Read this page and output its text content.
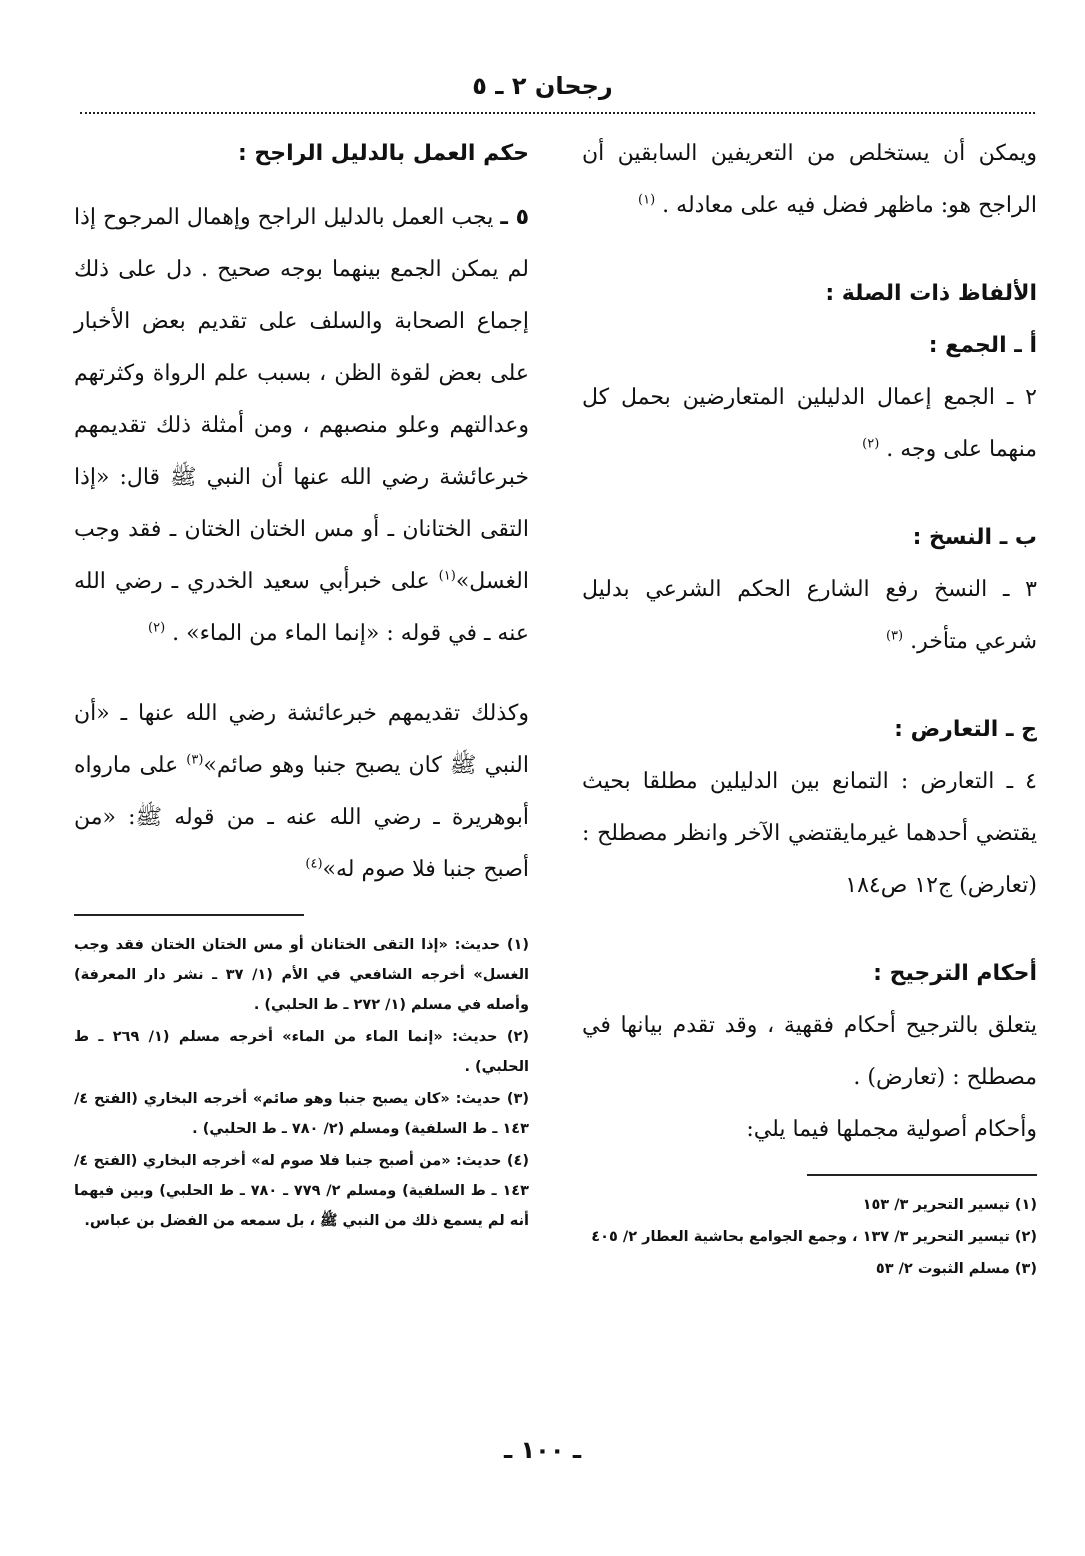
رجحان ٢ ـ ٥

ويمكن أن يستخلص من التعريفين السابقين أن الراجح هو: ماظهر فضل فيه على معادله . $^{(١)}$

الألفاظ ذات الصلة :

أ ـ الجمع :

٢ ـ الجمع إعمال الدليلين المتعارضين بحمل كل منهما على وجه . $^{(٢)}$

ب ـ النسخ :

٣ ـ النسخ رفع الشارع الحكم الشرعي بدليل شرعي متأخر. $^{(٣)}$

ج ـ التعارض :

٤ ـ التعارض : التمانع بين الدليلين مطلقا بحيث يقتضي أحدهما غيرمايقتضي الآخر وانظر مصطلح : (تعارض) ج١٢ ص١٨٤

أحكام الترجيح :

يتعلق بالترجيح أحكام فقهية ، وقد تقدم بيانها في مصطلح : (تعارض) .

وأحكام أصولية مجملها فيما يلي:

(١) تيسير التحرير ٣/ ١٥٣

(٢) تيسير التحرير ٣/ ١٣٧ ، وجمع الجوامع بحاشية العطار ٢/ ٤٠٥

(٣) مسلم الثبوت ٢/ ٥٣

حكم العمل بالدليل الراجح :

٥ ـ يجب العمل بالدليل الراجح وإهمال المرجوح إذا لم يمكن الجمع بينهما بوجه صحيح . دل على ذلك إجماع الصحابة والسلف على تقديم بعض الأخبار على بعض لقوة الظن ، بسبب علم الرواة وكثرتهم وعدالتهم وعلو منصبهم ، ومن أمثلة ذلك تقديمهم خبرعائشة رضي الله عنها أن النبي ﷺ قال: «إذا التقى الختانان ـ أو مس الختان الختان ـ فقد وجب الغسل»$^{(١)}$ على خبرأبي سعيد الخدري ـ رضي الله عنه ـ في قوله : «إنما الماء من الماء» . $^{(٢)}$

وكذلك تقديمهم خبرعائشة رضي الله عنها ـ «أن النبي ﷺ كان يصبح جنبا وهو صائم»$^{(٣)}$ على مارواه أبوهريرة ـ رضي الله عنه ـ من قوله ﷺ: «من أصبح جنبا فلا صوم له»$^{(٤)}$

(١) حديث: «إذا التقى الختانان أو مس الختان الختان فقد وجب الغسل» أخرجه الشافعي في الأم (١/ ٣٧ ـ نشر دار المعرفة) وأصله في مسلم (١/ ٢٧٢ ـ ط الحلبي) .

(٢) حديث: «إنما الماء من الماء» أخرجه مسلم (١/ ٢٦٩ ـ ط الحلبي) .

(٣) حديث: «كان يصبح جنبا وهو صائم» أخرجه البخاري (الفتح ٤/ ١٤٣ ـ ط السلفية) ومسلم (٢/ ٧٨٠ ـ ط الحلبي) .

(٤) حديث: «من أصبح جنبا فلا صوم له» أخرجه البخاري (الفتح ٤/ ١٤٣ ـ ط السلفية) ومسلم ٢/ ٧٧٩ ـ ٧٨٠ ـ ط الحلبي) وبين فيهما أنه لم يسمع ذلك من النبي ﷺ ، بل سمعه من الفضل بن عباس.

ـ ١٠٠ ـ
